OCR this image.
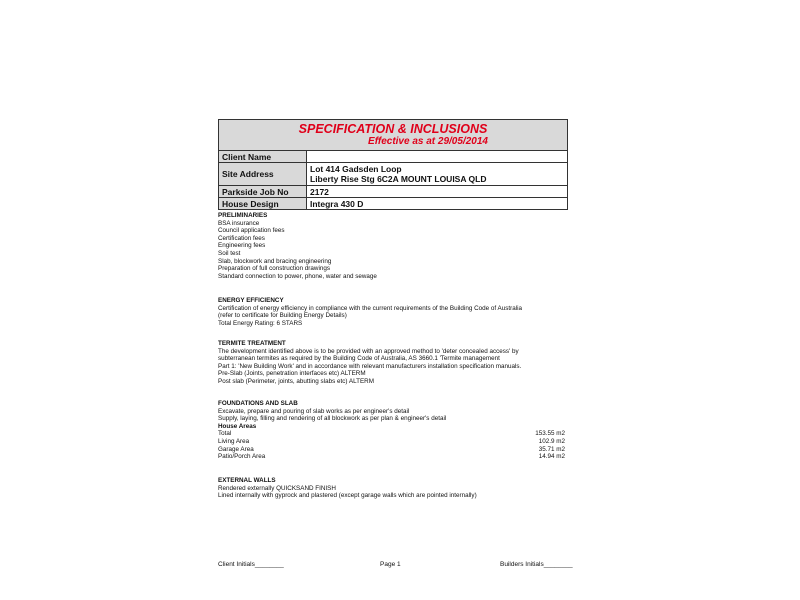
SPECIFICATION & INCLUSIONS
Effective as at 29/05/2014
Client Name
Site Address	Lot 414 Gadsden Loop
Liberty Rise Stg 6C2A MOUNT LOUISA QLD
Parkside Job No	2172
House Design	Integra 430 D
PRELIMINARIES
BSA insurance
Council application fees
Certification fees
Engineering fees
Soil test
Slab, blockwork and bracing engineering
Preparation of full construction drawings
Standard connection to power, phone, water and sewage
ENERGY EFFICIENCY
Certification of energy efficiency in compliance with the current requirements of the Building Code of Australia
(refer to certificate for Building Energy Details)
Total Energy Rating: 6 STARS
TERMITE TREATMENT
The development identified above is to be provided with an approved method to 'deter concealed access' by
subterranean termites as required by the Building Code of Australia, AS 3660.1 'Termite management
Part 1: 'New Building Work' and in accordance with relevant manufacturers installation specification manuals.
Pre-Slab (Joints, penetration interfaces etc) ALTERM
Post slab (Perimeter, joints, abutting slabs etc) ALTERM
FOUNDATIONS AND SLAB
Excavate, prepare and pouring of slab works as per engineer's detail
Supply, laying, filling and rendering of all blockwork as per plan & engineer's detail
House Areas
Total	153.55 m2
Living Area	102.9 m2
Garage Area	35.71 m2
Patio/Porch Area	14.94 m2
EXTERNAL WALLS
Rendered externally QUICKSAND FINISH
Lined internally with gyprock and plastered (except garage walls which are pointed internally)
Client Initials________	Page 1	Builders Initials________
